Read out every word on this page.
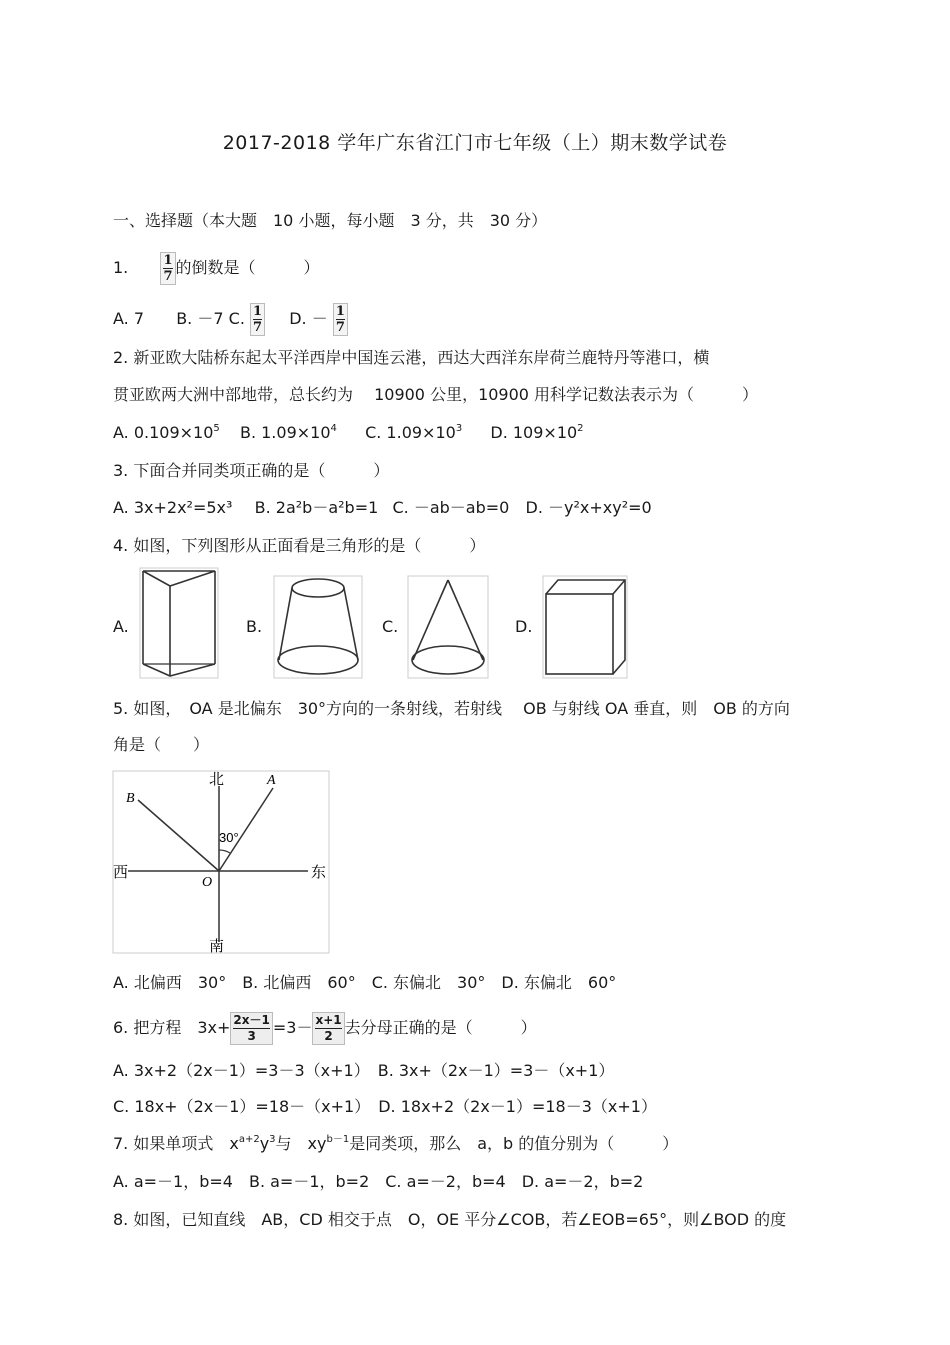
2017-2018 学年广东省江门市七年级（上）期末数学试卷
一、选择题（本大题　10 小题，每小题　3 分，共　30 分）
1. $\frac{1}{7}$ 的倒数是（　　　）
A. 7 B. －7 C. $\frac{1}{7} D$. － $\frac{1}{7}$
2. 新亚欧大陆桥东起太平洋西岸中国连云港，西达大西洋东岸荷兰鹿特丹等港口，横
贯亚欧两大洲中部地带，总长约为　 10900 公里，10900 用科学记数法表示为（　　　）
A. $0.109\times 10^5$ B. $1.09\times 10^4$ C. $1.09\times 10^3$ D. $109\times 10^2$
3. 下面合并同类项正确的是（　　　）
A. 3x+2x²=5x³ B. 2a²b－a²b=1 C. －ab－ab=0 D. －y²x+xy²=0
4. 如图，下列图形从正面看是三角形的是（　　　）
A.	B.	C.	D.
5. 如图，　OA 是北偏东　30°方向的一条射线，若射线　 OB 与射线 OA 垂直，则　OB 的方向
角是（　　）
北
南
西	东
A
B
O
30°
A. 北偏西　30°　B. 北偏西　60°　C. 东偏北　30°　D. 东偏北　60°
6. 把方程　$3x+\frac{2x-1}{3} =3-\frac{x+1}{2}$ 去分母正确的是（　　　）
A. 3x+2（2x－1）=3－3（x+1）　B. 3x+（2x－1）=3－（x+1）
C. 18x+（2x－1）=18－（x+1）　D. 18x+2（2x－1）=18－3（x+1）
7. 如果单项式　$x^{a+2}y^3$与　$xy^{b-1}$是同类项，那么　a，b 的值分别为（　　　）
A. a=－1，b=4　B. a=－1，b=2　C. a=－2，b=4　D. a=－2，b=2
8. 如图，已知直线　AB，CD 相交于点　O，OE 平分∠COB，若∠EOB=65°，则∠BOD 的度
